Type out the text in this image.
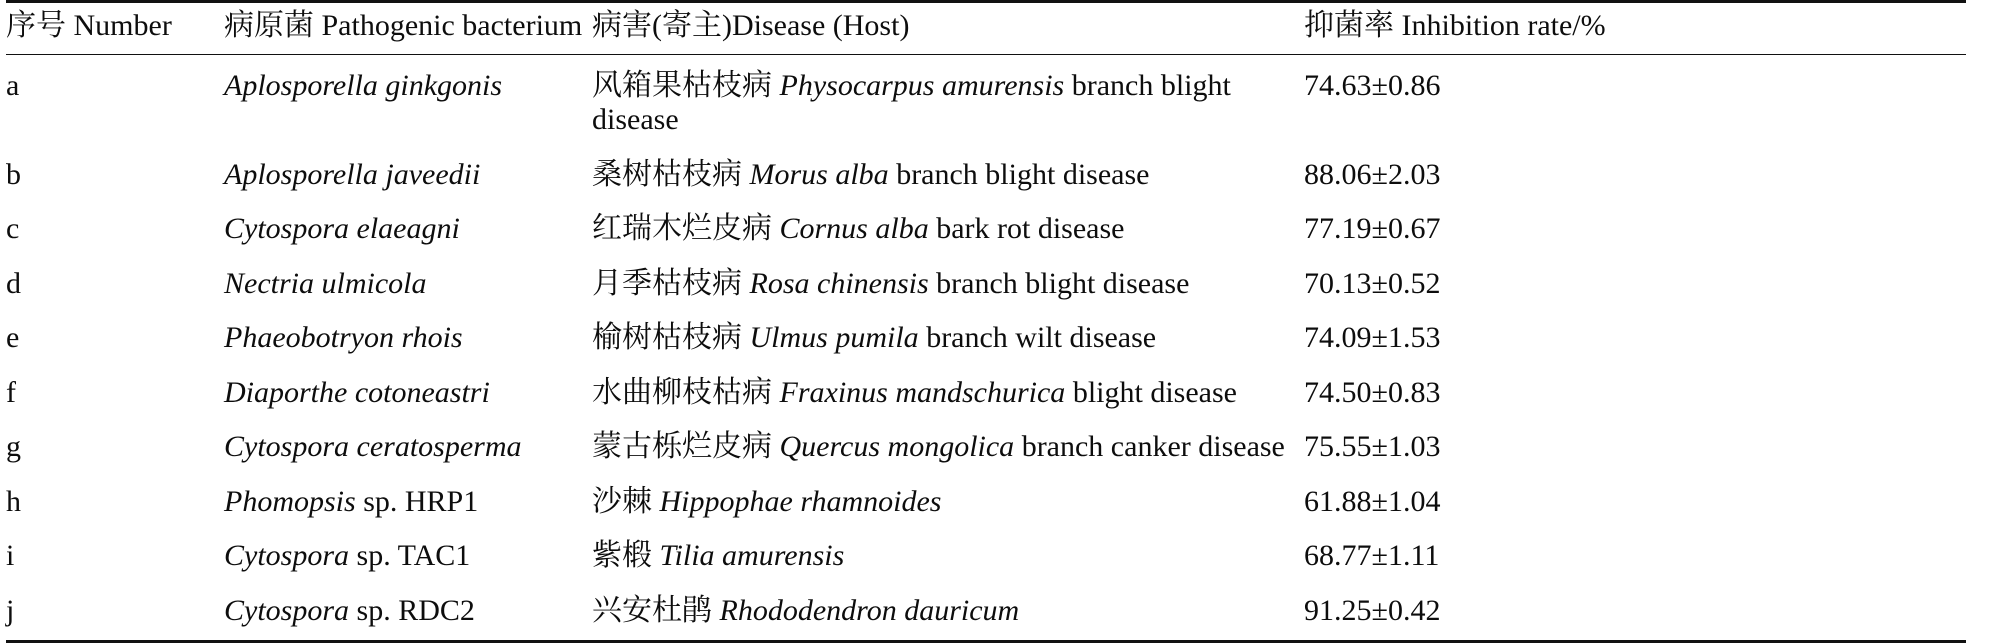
序号 Number	病原菌 Pathogenic bacterium	病害(寄主)Disease (Host)	抑菌率 Inhibition rate/%
a	Aplosporella ginkgonis	风箱果枯枝病 Physocarpus amurensis branch blight disease	74.63±0.86
b	Aplosporella javeedii	桑树枯枝病 Morus alba branch blight disease	88.06±2.03
c	Cytospora elaeagni	红瑞木烂皮病 Cornus alba bark rot disease	77.19±0.67
d	Nectria ulmicola	月季枯枝病 Rosa chinensis branch blight disease	70.13±0.52
e	Phaeobotryon rhois	榆树枯枝病 Ulmus pumila branch wilt disease	74.09±1.53
f	Diaporthe cotoneastri	水曲柳枝枯病 Fraxinus mandschurica blight disease	74.50±0.83
g	Cytospora ceratosperma	蒙古栎烂皮病 Quercus mongolica branch canker disease	75.55±1.03
h	Phomopsis sp. HRP1	沙棘 Hippophae rhamnoides	61.88±1.04
i	Cytospora sp. TAC1	紫椴 Tilia amurensis	68.77±1.11
j	Cytospora sp. RDC2	兴安杜鹃 Rhododendron dauricum	91.25±0.42
